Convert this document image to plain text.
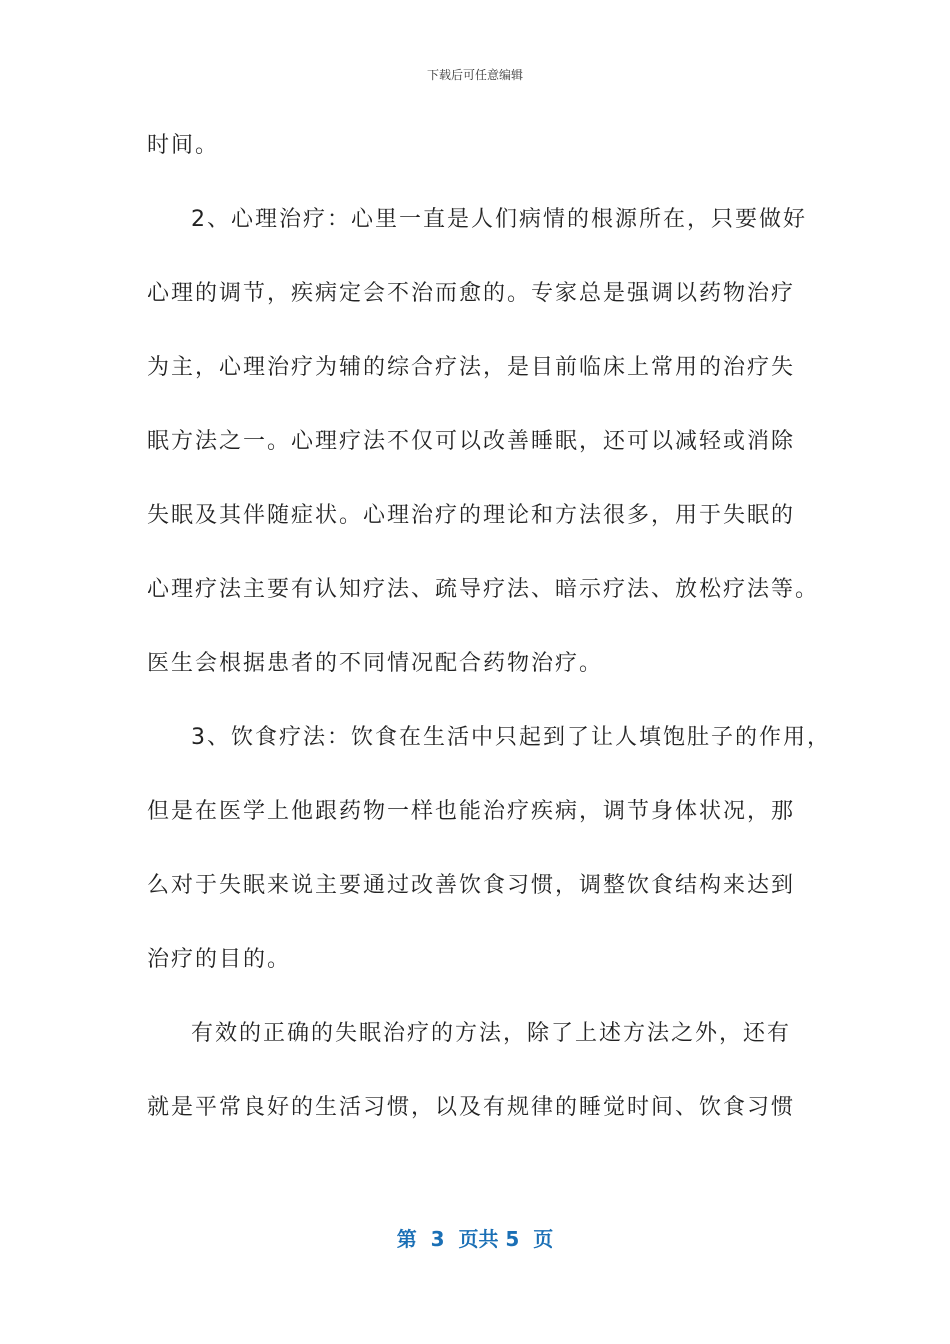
下载后可任意编辑
时间。
2、心理治疗：心里一直是人们病情的根源所在，只要做好
心理的调节，疾病定会不治而愈的。专家总是强调以药物治疗
为主，心理治疗为辅的综合疗法，是目前临床上常用的治疗失
眠方法之一。心理疗法不仅可以改善睡眠，还可以减轻或消除
失眠及其伴随症状。心理治疗的理论和方法很多，用于失眠的
心理疗法主要有认知疗法、疏导疗法、暗示疗法、放松疗法等。
医生会根据患者的不同情况配合药物治疗。
3、饮食疗法：饮食在生活中只起到了让人填饱肚子的作用，
但是在医学上他跟药物一样也能治疗疾病，调节身体状况，那
么对于失眠来说主要通过改善饮食习惯，调整饮食结构来达到
治疗的目的。
有效的正确的失眠治疗的方法，除了上述方法之外，还有
就是平常良好的生活习惯，以及有规律的睡觉时间、饮食习惯
第  3  页共 5  页
